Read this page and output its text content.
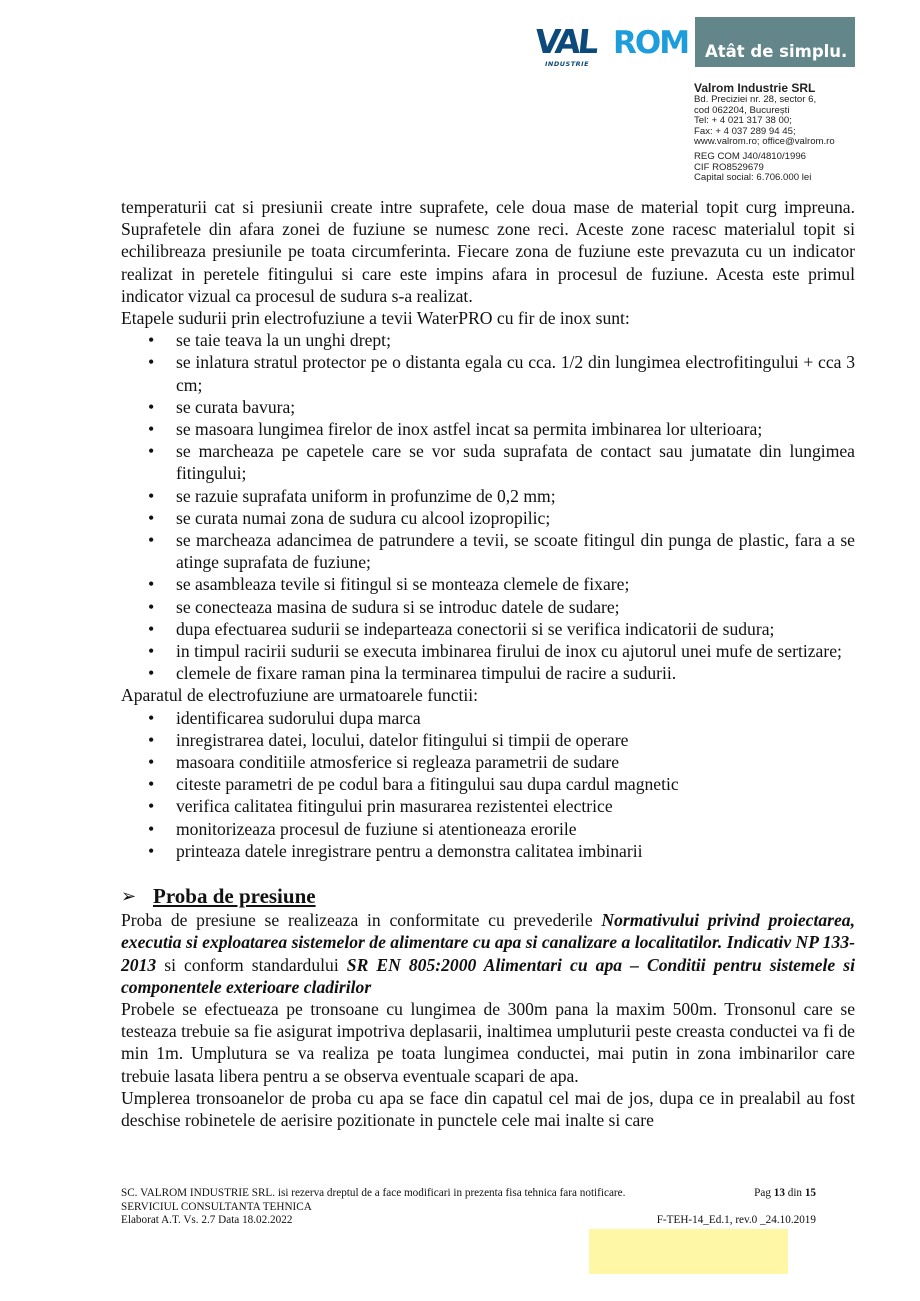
VAL ROM
INDUSTRIE
Atât de simplu.
Valrom Industrie SRL
Bd. Preciziei nr. 28, sector 6,
cod 062204, București
Tel: + 4 021 317 38 00;
Fax: + 4 037 289 94 45;
www.valrom.ro; office@valrom.ro
REG COM J40/4810/1996
CIF RO8529679
Capital social: 6.706.000 lei

temperaturii cat si presiunii create intre suprafete, cele doua mase de material topit curg impreuna. Suprafetele din afara zonei de fuziune se numesc zone reci. Aceste zone racesc materialul topit si echilibreaza presiunile pe toata circumferinta. Fiecare zona de fuziune este prevazuta cu un indicator realizat in peretele fitingului si care este impins afara in procesul de fuziune. Acesta este primul indicator vizual ca procesul de sudura s-a realizat.

Etapele sudurii prin electrofuziune a tevii WaterPRO cu fir de inox sunt:

• se taie teava la un unghi drept;
• se inlatura stratul protector pe o distanta egala cu cca. 1/2 din lungimea electrofitingului + cca 3 cm;
• se curata bavura;
• se masoara lungimea firelor de inox astfel incat sa permita imbinarea lor ulterioara;
• se marcheaza pe capetele care se vor suda suprafata de contact sau jumatate din lungimea fitingului;
• se razuie suprafata uniform in profunzime de 0,2 mm;
• se curata numai zona de sudura cu alcool izopropilic;
• se marcheaza adancimea de patrundere a tevii, se scoate fitingul din punga de plastic, fara a se atinge suprafata de fuziune;
• se asambleaza tevile si fitingul si se monteaza clemele de fixare;
• se conecteaza masina de sudura si se introduc datele de sudare;
• dupa efectuarea sudurii se indeparteaza conectorii si se verifica indicatorii de sudura;
• in timpul racirii sudurii se executa imbinarea firului de inox cu ajutorul unei mufe de sertizare;
• clemele de fixare raman pina la terminarea timpului de racire a sudurii.

Aparatul de electrofuziune are urmatoarele functii:

• identificarea sudorului dupa marca
• inregistrarea datei, locului, datelor fitingului si timpii de operare
• masoara conditiile atmosferice si regleaza parametrii de sudare
• citeste parametri de pe codul bara a fitingului sau dupa cardul magnetic
• verifica calitatea fitingului prin masurarea rezistentei electrice
• monitorizeaza procesul de fuziune si atentioneaza erorile
• printeaza datele inregistrare pentru a demonstra calitatea imbinarii
➢ Proba de presiune

Proba de presiune se realizeaza in conformitate cu prevederile Normativului privind proiectarea, executia si exploatarea sistemelor de alimentare cu apa si canalizare a localitatilor. Indicativ NP 133-2013 si conform standardului SR EN 805:2000 Alimentari cu apa – Conditii pentru sistemele si componentele exterioare cladirilor

Probele se efectueaza pe tronsoane cu lungimea de 300m pana la maxim 500m. Tronsonul care se testeaza trebuie sa fie asigurat impotriva deplasarii, inaltimea umpluturii peste creasta conductei va fi de min 1m. Umplutura se va realiza pe toata lungimea conductei, mai putin in zona imbinarilor care trebuie lasata libera pentru a se observa eventuale scapari de apa.

Umplerea tronsoanelor de proba cu apa se face din capatul cel mai de jos, dupa ce in prealabil au fost deschise robinetele de aerisire pozitionate in punctele cele mai inalte si care

SC. VALROM INDUSTRIE SRL. isi rezerva dreptul de a face modificari in prezenta fisa tehnica fara notificare.	Pag 13 din 15
SERVICIUL CONSULTANTA TEHNICA
Elaborat A.T. Vs. 2.7 Data 18.02.2022	F-TEH-14_Ed.1, rev.0 _24.10.2019
